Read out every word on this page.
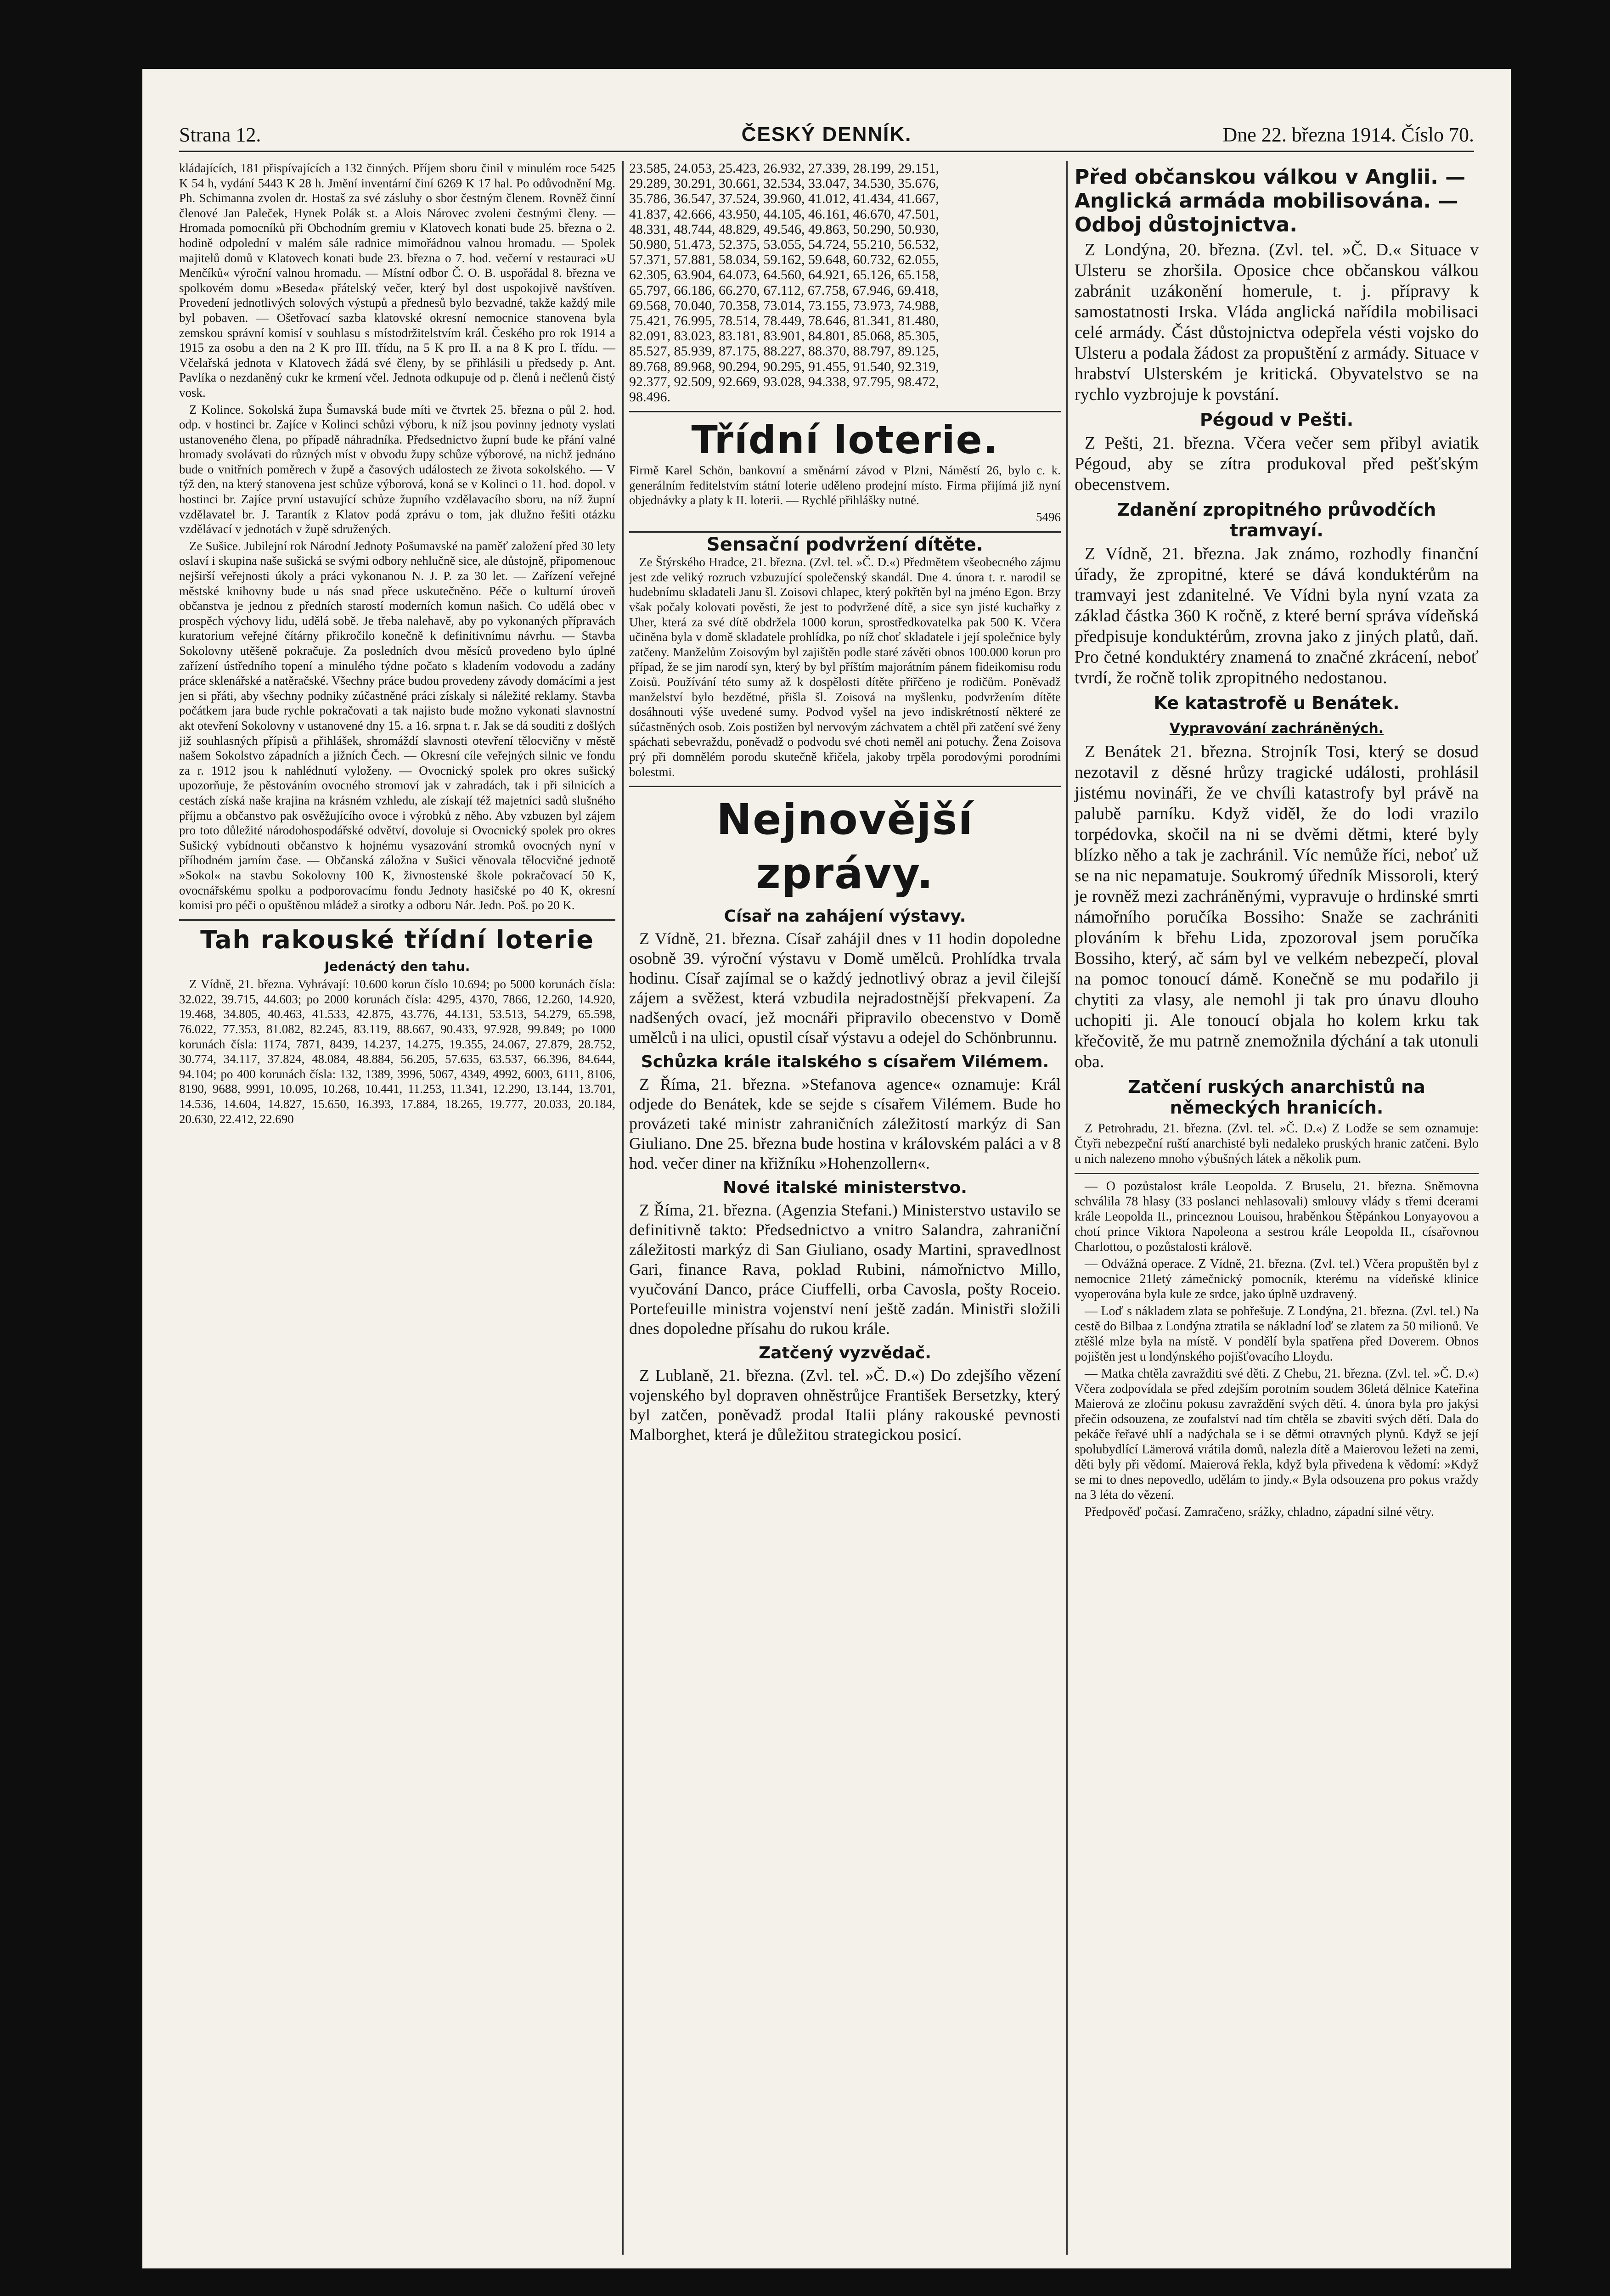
Strana 12.	ČESKÝ DENNÍK.	Dne 22. března 1914. Číslo 70.

kládajících, 181 přispívajících a 132 činných. Příjem sboru činil v minulém roce 5425 K 54 h, vydání 5443 K 28 h. Jmění inventární činí 6269 K 17 hal. Po odůvodnění Mg. Ph. Schimanna zvolen dr. Hostaš za své zásluhy o sbor čestným členem. Rovněž činní členové Jan Paleček, Hynek Polák st. a Alois Nárovec zvoleni čestnými členy. — Hromada pomocníků při Obchodním gremiu v Klatovech konati bude 25. března o 2. hodině odpolední v malém sále radnice mimořádnou valnou hromadu. — Spolek majitelů domů v Klatovech konati bude 23. března o 7. hod. večerní v restauraci »U Menčíků« výroční valnou hromadu. — Místní odbor Č. O. B. uspořádal 8. března ve spolkovém domu »Beseda« přátelský večer, který byl dost uspokojivě navštíven. Provedení jednotlivých solových výstupů a přednesů bylo bezvadné, takže každý mile byl pobaven. — Ošetřovací sazba klatovské okresní nemocnice stanovena byla zemskou správní komisí v souhlasu s místodržitelstvím král. Českého pro rok 1914 a 1915 za osobu a den na 2 K pro III. třídu, na 5 K pro II. a na 8 K pro I. třídu. — Včelařská jednota v Klatovech žádá své členy, by se přihlásili u předsedy p. Ant. Pavlíka o nezdaněný cukr ke krmení včel. Jednota odkupuje od p. členů i nečlenů čistý vosk.

Z Kolince. Sokolská župa Šumavská bude míti ve čtvrtek 25. března o půl 2. hod. odp. v hostinci br. Zajíce v Kolinci schůzi výboru, k níž jsou povinny jednoty vyslati ustanoveného člena, po případě náhradníka. Předsednictvo župní bude ke přání valné hromady svolávati do různých míst v obvodu župy schůze výborové, na nichž jednáno bude o vnitřních poměrech v župě a časových událostech ze života sokolského. — V týž den, na který stanovena jest schůze výborová, koná se v Kolinci o 11. hod. dopol. v hostinci br. Zajíce první ustavující schůze župního vzdělavacího sboru, na níž župní vzdělavatel br. J. Tarantík z Klatov podá zprávu o tom, jak dlužno řešiti otázku vzdělávací v jednotách v župě sdružených.

Ze Sušice. Jubilejní rok Národní Jednoty Pošumavské na paměť založení před 30 lety oslaví i skupina naše sušická se svými odbory nehlučně sice, ale důstojně, připomenouc nejširší veřejnosti úkoly a práci vykonanou N. J. P. za 30 let. — Zařízení veřejné městské knihovny bude u nás snad přece uskutečněno. Péče o kulturní úroveň občanstva je jednou z předních starostí moderních komun našich. Co udělá obec v prospěch výchovy lidu, udělá sobě. Je třeba nalehavě, aby po vykonaných přípravách kuratorium veřejné čítárny přikročilo konečně k definitivnímu návrhu. — Stavba Sokolovny utěšeně pokračuje. Za posledních dvou měsíců provedeno bylo úplné zařízení ústředního topení a minulého týdne počato s kladením vodovodu a zadány práce sklenářské a natěračské. Všechny práce budou provedeny závody domácími a jest jen si přáti, aby všechny podniky zúčastněné práci získaly si náležité reklamy. Stavba počátkem jara bude rychle pokračovati a tak najisto bude možno vykonati slavnostní akt otevření Sokolovny v ustanovené dny 15. a 16. srpna t. r. Jak se dá souditi z došlých již souhlasných přípisů a přihlášek, shromáždí slavnosti otevření tělocvičny v městě našem Sokolstvo západních a jižních Čech. — Okresní cíle veřejných silnic ve fondu za r. 1912 jsou k nahlédnutí vyloženy. — Ovocnický spolek pro okres sušický upozorňuje, že pěstováním ovocného stromoví jak v zahradách, tak i při silnicích a cestách získá naše krajina na krásném vzhledu, ale získají též majetníci sadů slušného příjmu a občanstvo pak osvěžujícího ovoce i výrobků z něho. Aby vzbuzen byl zájem pro toto důležité národohospodářské odvětví, dovoluje si Ovocnický spolek pro okres Sušický vybídnouti občanstvo k hojnému vysazování stromků ovocných nyní v příhodném jarním čase. — Občanská záložna v Sušici věnovala tělocvičné jednotě »Sokol« na stavbu Sokolovny 100 K, živnostenské škole pokračovací 50 K, ovocnářskému spolku a podporovacímu fondu Jednoty hasičské po 40 K, okresní komisi pro péči o opuštěnou mládež a sirotky a odboru Nár. Jedn. Poš. po 20 K.

Tah rakouské třídní loterie
Jedenáctý den tahu.

Z Vídně, 21. března. Vyhrávají: 10.600 korun číslo 10.694; po 5000 korunách čísla: 32.022, 39.715, 44.603; po 2000 korunách čísla: 4295, 4370, 7866, 12.260, 14.920, 19.468, 34.805, 40.463, 41.533, 42.875, 43.776, 44.131, 53.513, 54.279, 65.598, 76.022, 77.353, 81.082, 82.245, 83.119, 88.667, 90.433, 97.928, 99.849; po 1000 korunách čísla: 1174, 7871, 8439, 14.237, 14.275, 19.355, 24.067, 27.879, 28.752, 30.774, 34.117, 37.824, 48.084, 48.884, 56.205, 57.635, 63.537, 66.396, 84.644, 94.104; po 400 korunách čísla: 132, 1389, 3996, 5067, 4349, 4992, 6003, 6111, 8106, 8190, 9688, 9991, 10.095, 10.268, 10.441, 11.253, 11.341, 12.290, 13.144, 13.701, 14.536, 14.604, 14.827, 15.650, 16.393, 17.884, 18.265, 19.777, 20.033, 20.184, 20.630, 22.412, 22.690

23.585, 24.053, 25.423, 26.932, 27.339, 28.199, 29.151,
29.289, 30.291, 30.661, 32.534, 33.047, 34.530, 35.676,
35.786, 36.547, 37.524, 39.960, 41.012, 41.434, 41.667,
41.837, 42.666, 43.950, 44.105, 46.161, 46.670, 47.501,
48.331, 48.744, 48.829, 49.546, 49.863, 50.290, 50.930,
50.980, 51.473, 52.375, 53.055, 54.724, 55.210, 56.532,
57.371, 57.881, 58.034, 59.162, 59.648, 60.732, 62.055,
62.305, 63.904, 64.073, 64.560, 64.921, 65.126, 65.158,
65.797, 66.186, 66.270, 67.112, 67.758, 67.946, 69.418,
69.568, 70.040, 70.358, 73.014, 73.155, 73.973, 74.988,
75.421, 76.995, 78.514, 78.449, 78.646, 81.341, 81.480,
82.091, 83.023, 83.181, 83.901, 84.801, 85.068, 85.305,
85.527, 85.939, 87.175, 88.227, 88.370, 88.797, 89.125,
89.768, 89.968, 90.294, 90.295, 91.455, 91.540, 92.319,
92.377, 92.509, 92.669, 93.028, 94.338, 97.795, 98.472,
98.496.
Třídní loterie.

Firmě Karel Schön, bankovní a směnární závod v Plzni, Náměstí 26, bylo c. k. generálním ředitelstvím státní loterie uděleno prodejní místo. Firma přijímá již nyní objednávky a platy k II. loterii. — Rychlé přihlášky nutné.

5496

Sensační podvržení dítěte.

Ze Štýrského Hradce, 21. března. (Zvl. tel. »Č. D.«) Předmětem všeobecného zájmu jest zde veliký rozruch vzbuzující společenský skandál. Dne 4. února t. r. narodil se hudebnímu skladateli Janu šl. Zoisovi chlapec, který pokřtěn byl na jméno Egon. Brzy však počaly kolovati pověsti, že jest to podvržené dítě, a sice syn jisté kuchařky z Uher, která za své dítě obdržela 1000 korun, sprostředkovatelka pak 500 K. Včera učiněna byla v domě skladatele prohlídka, po níž choť skladatele i její společnice byly zatčeny. Manželům Zoisovým byl zajištěn podle staré závěti obnos 100.000 korun pro případ, že se jim narodí syn, který by byl příštím majorátním pánem fideikomisu rodu Zoisů. Používání této sumy až k dospělosti dítěte přiřčeno je rodičům. Poněvadž manželství bylo bezdětné, přišla šl. Zoisová na myšlenku, podvržením dítěte dosáhnouti výše uvedené sumy. Podvod vyšel na jevo indiskrétností některé ze súčastněných osob. Zois postižen byl nervovým záchvatem a chtěl při zatčení své ženy spáchati sebevraždu, poněvadž o podvodu své choti neměl ani potuchy. Žena Zoisova prý při domnělém porodu skutečně křičela, jakoby trpěla porodovými porodními bolestmi.

Nejnovější zprávy.
Císař na zahájení výstavy.

Z Vídně, 21. března. Císař zahájil dnes v 11 hodin dopoledne osobně 39. výroční výstavu v Domě umělců. Prohlídka trvala hodinu. Císař zajímal se o každý jednotlivý obraz a jevil čilejší zájem a svěžest, která vzbudila nejradostnější překvapení. Za nadšených ovací, jež mocnáři připravilo obecenstvo v Domě umělců i na ulici, opustil císař výstavu a odejel do Schönbrunnu.

Schůzka krále italského s císařem Vilémem.

Z Říma, 21. března. »Stefanova agence« oznamuje: Král odjede do Benátek, kde se sejde s císařem Vilémem. Bude ho provázeti také ministr zahraničních záležitostí markýz di San Giuliano. Dne 25. března bude hostina v královském paláci a v 8 hod. večer diner na křižníku »Hohenzollern«.

Nové italské ministerstvo.

Z Říma, 21. března. (Agenzia Stefani.) Ministerstvo ustavilo se definitivně takto: Předsednictvo a vnitro Salandra, zahraniční záležitosti markýz di San Giuliano, osady Martini, spravedlnost Gari, finance Rava, poklad Rubini, námořnictvo Millo, vyučování Danco, práce Ciuffelli, orba Cavosla, pošty Roceio. Portefeuille ministra vojenství není ještě zadán. Ministři složili dnes dopoledne přísahu do rukou krále.

Zatčený vyzvědač.

Z Lublaně, 21. března. (Zvl. tel. »Č. D.«) Do zdejšího vězení vojenského byl dopraven ohněstrůjce František Bersetzky, který byl zatčen, poněvadž prodal Italii plány rakouské pevnosti Malborghet, která je důležitou strategickou posicí.

Před občanskou válkou v Anglii. — Anglická armáda mobilisována. — Odboj důstojnictva.

Z Londýna, 20. března. (Zvl. tel. »Č. D.« Situace v Ulsteru se zhoršila. Oposice chce občanskou válkou zabránit uzákonění homerule, t. j. přípravy k samostatnosti Irska. Vláda anglická nařídila mobilisaci celé armády. Část důstojnictva odepřela vésti vojsko do Ulsteru a podala žádost za propuštění z armády. Situace v hrabství Ulsterském je kritická. Obyvatelstvo se na rychlo vyzbrojuje k povstání.

Pégoud v Pešti.

Z Pešti, 21. března. Včera večer sem přibyl aviatik Pégoud, aby se zítra produkoval před pešťským obecenstvem.

Zdanění zpropitného průvodčích tramvayí.

Z Vídně, 21. března. Jak známo, rozhodly finanční úřady, že zpropitné, které se dává konduktérům na tramvayi jest zdanitelné. Ve Vídni byla nyní vzata za základ částka 360 K ročně, z které berní správa vídeňská předpisuje konduktérům, zrovna jako z jiných platů, daň. Pro četné konduktéry znamená to značné zkrácení, neboť tvrdí, že ročně tolik zpropitného nedostanou.

Ke katastrofě u Benátek.
Vypravování zachráněných.

Z Benátek 21. března. Strojník Tosi, který se dosud nezotavil z děsné hrůzy tragické události, prohlásil jistému novináři, že ve chvíli katastrofy byl právě na palubě parníku. Když viděl, že do lodi vrazilo torpédovka, skočil na ni se dvěmi dětmi, které byly blízko něho a tak je zachránil. Víc nemůže říci, neboť už se na nic nepamatuje. Soukromý úředník Missoroli, který je rovněž mezi zachráněnými, vypravuje o hrdinské smrti námořního poručíka Bossiho: Snaže se zachrániti plováním k břehu Lida, zpozoroval jsem poručíka Bossiho, který, ač sám byl ve velkém nebezpečí, ploval na pomoc tonoucí dámě. Konečně se mu podařilo ji chytiti za vlasy, ale nemohl ji tak pro únavu dlouho uchopiti ji. Ale tonoucí objala ho kolem krku tak křečovitě, že mu patrně znemožnila dýchání a tak utonuli oba.

Zatčení ruských anarchistů na německých hranicích.

Z Petrohradu, 21. března. (Zvl. tel. »Č. D.«) Z Lodže se sem oznamuje: Čtyři nebezpeční ruští anarchisté byli nedaleko pruských hranic zatčeni. Bylo u nich nalezeno mnoho výbušných látek a několik pum.

— O pozůstalost krále Leopolda. Z Bruselu, 21. března. Sněmovna schválila 78 hlasy (33 poslanci nehlasovali) smlouvy vlády s třemi dcerami krále Leopolda II., princeznou Louisou, hraběnkou Štěpánkou Lonyayovou a chotí prince Viktora Napoleona a sestrou krále Leopolda II., císařovnou Charlottou, o pozůstalosti královĕ.

— Odvážná operace. Z Vídně, 21. března. (Zvl. tel.) Včera propuštěn byl z nemocnice 21letý zámečnický pomocník, kterému na vídeňské klinice vyoperována byla kule ze srdce, jako úplně uzdravený.

— Loď s nákladem zlata se pohřešuje. Z Londýna, 21. března. (Zvl. tel.) Na cestě do Bilbaa z Londýna ztratila se nákladní loď se zlatem za 50 milionů. Ve ztěšlé mlze byla na místě. V pondělí byla spatřena před Doverem. Obnos pojištěn jest u londýnského pojišťovacího Lloydu.

— Matka chtěla zavražditi své děti. Z Chebu, 21. března. (Zvl. tel. »Č. D.«) Včera zodpovídala se před zdejším porotním soudem 36letá dělnice Kateřina Maierová ze zločinu pokusu zavraždění svých dětí. 4. února byla pro jakýsi přečin odsouzena, ze zoufalství nad tím chtěla se zbaviti svých dětí. Dala do pekáče řeřavé uhlí a nadýchala se i se dětmi otravných plynů. Když se její spolubydlící Lämerová vrátila domů, nalezla dítě a Maierovou ležeti na zemi, děti byly při vědomí. Maierová řekla, když byla přivedena k vědomí: »Když se mi to dnes nepovedlo, udělám to jindy.« Byla odsouzena pro pokus vraždy na 3 léta do vězení.

Předpověď počasí. Zamračeno, srážky, chladno, západní silné větry.
